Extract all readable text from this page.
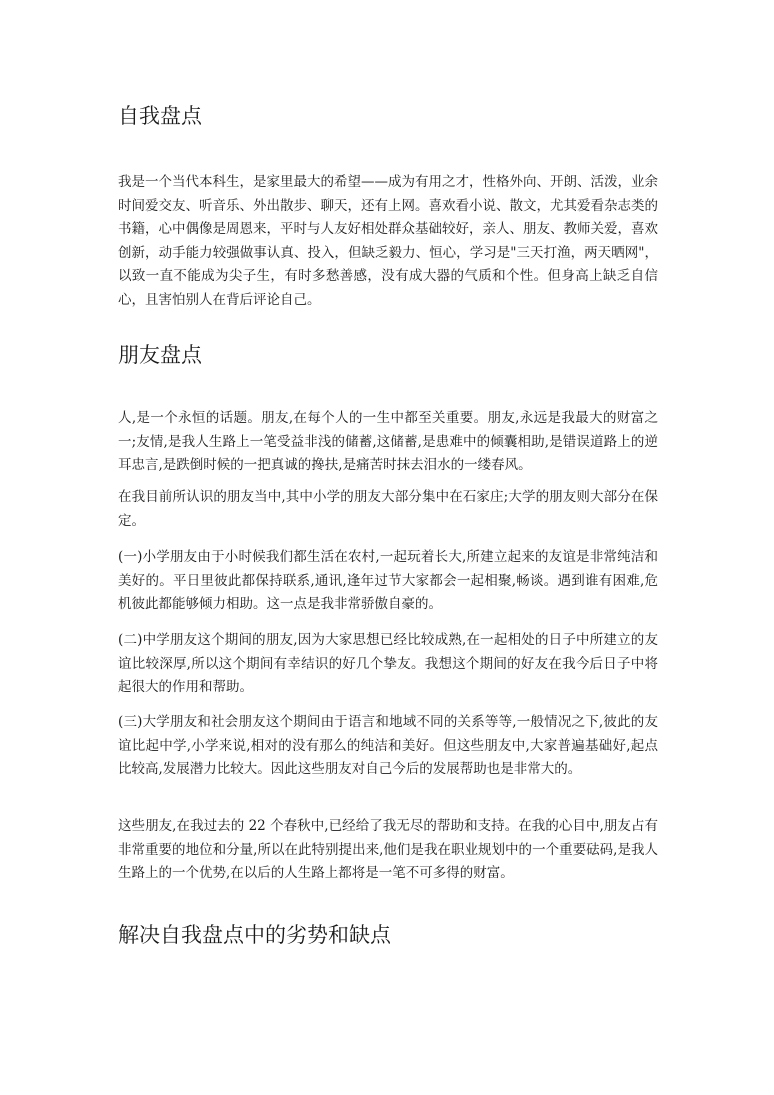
自我盘点

我是一个当代本科生，是家里最大的希望——成为有用之才，性格外向、开朗、活泼，业余时间爱交友、听音乐、外出散步、聊天，还有上网。喜欢看小说、散文，尤其爱看杂志类的书籍，心中偶像是周恩来，平时与人友好相处群众基础较好，亲人、朋友、教师关爱，喜欢创新，动手能力较强做事认真、投入，但缺乏毅力、恒心，学习是"三天打渔，两天晒网"，以致一直不能成为尖子生，有时多愁善感，没有成大器的气质和个性。但身高上缺乏自信心，且害怕别人在背后评论自己。

朋友盘点

人,是一个永恒的话题。朋友,在每个人的一生中都至关重要。朋友,永远是我最大的财富之一;友情,是我人生路上一笔受益非浅的储蓄,这储蓄,是患难中的倾囊相助,是错误道路上的逆耳忠言,是跌倒时候的一把真诚的搀扶,是痛苦时抹去泪水的一缕春风。

在我目前所认识的朋友当中,其中小学的朋友大部分集中在石家庄;大学的朋友则大部分在保定。

(一)小学朋友由于小时候我们都生活在农村,一起玩着长大,所建立起来的友谊是非常纯洁和美好的。平日里彼此都保持联系,通讯,逢年过节大家都会一起相聚,畅谈。遇到谁有困难,危机彼此都能够倾力相助。这一点是我非常骄傲自豪的。

(二)中学朋友这个期间的朋友,因为大家思想已经比较成熟,在一起相处的日子中所建立的友谊比较深厚,所以这个期间有幸结识的好几个挚友。我想这个期间的好友在我今后日子中将起很大的作用和帮助。

(三)大学朋友和社会朋友这个期间由于语言和地域不同的关系等等,一般情况之下,彼此的友谊比起中学,小学来说,相对的没有那么的纯洁和美好。但这些朋友中,大家普遍基础好,起点比较高,发展潜力比较大。因此这些朋友对自己今后的发展帮助也是非常大的。

这些朋友,在我过去的 22 个春秋中,已经给了我无尽的帮助和支持。在我的心目中,朋友占有非常重要的地位和分量,所以在此特别提出来,他们是我在职业规划中的一个重要砝码,是我人生路上的一个优势,在以后的人生路上都将是一笔不可多得的财富。

解决自我盘点中的劣势和缺点
